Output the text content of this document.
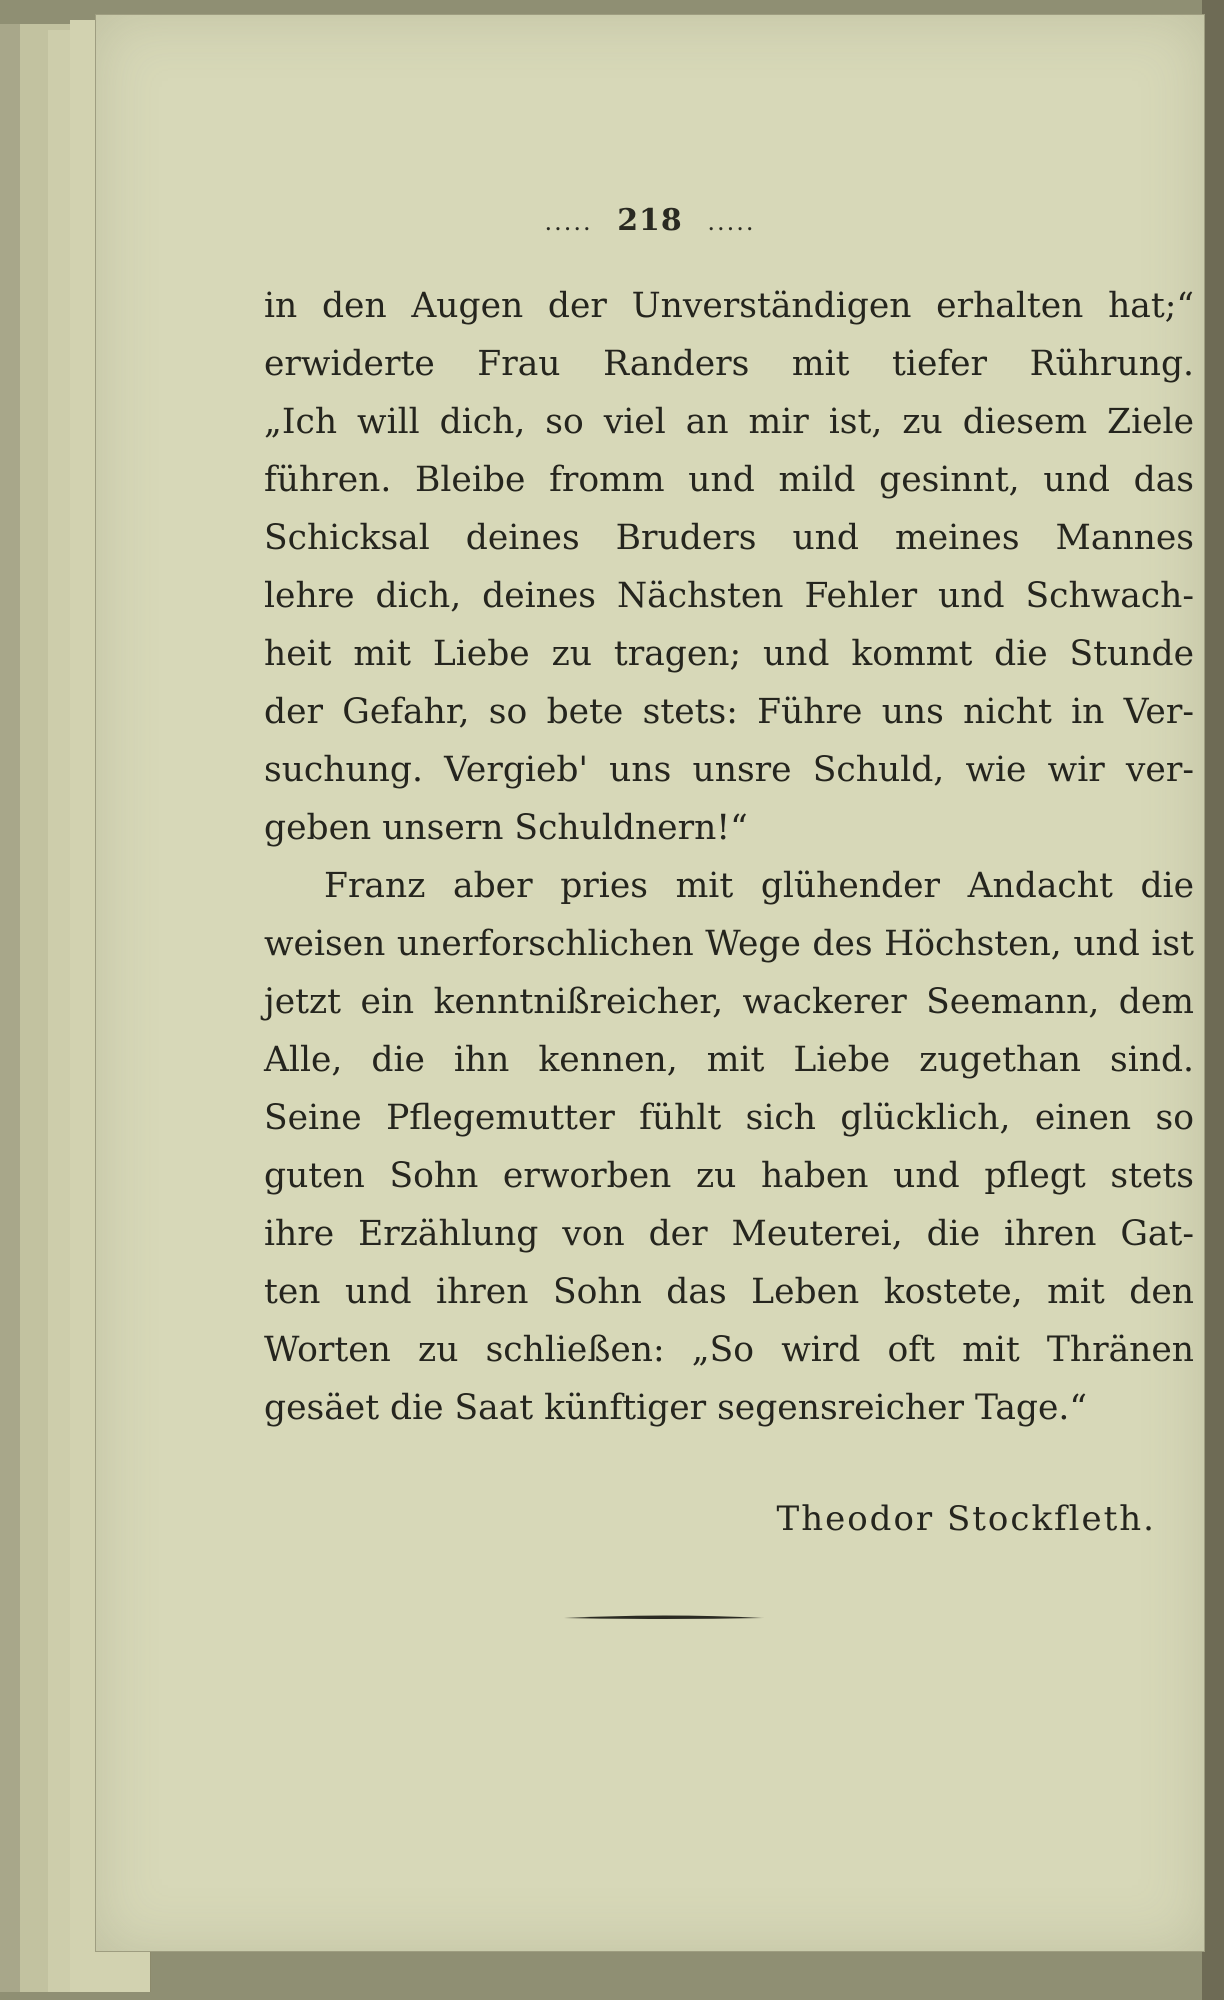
..... 218 .....
in den Augen der Unverständigen erhalten hat;“
erwiderte Frau Randers mit tiefer Rührung.
„Ich will dich, so viel an mir ist, zu diesem Ziele
führen. Bleibe fromm und mild gesinnt, und das
Schicksal deines Bruders und meines Mannes
lehre dich, deines Nächsten Fehler und Schwach-
heit mit Liebe zu tragen; und kommt die Stunde
der Gefahr, so bete stets: Führe uns nicht in Ver-
suchung. Vergieb' uns unsre Schuld, wie wir ver-
geben unsern Schuldnern!“
Franz aber pries mit glühender Andacht die
weisen unerforschlichen Wege des Höchsten, und ist
jetzt ein kenntnißreicher, wackerer Seemann, dem
Alle, die ihn kennen, mit Liebe zugethan sind.
Seine Pflegemutter fühlt sich glücklich, einen so
guten Sohn erworben zu haben und pflegt stets
ihre Erzählung von der Meuterei, die ihren Gat-
ten und ihren Sohn das Leben kostete, mit den
Worten zu schließen: „So wird oft mit Thränen
gesäet die Saat künftiger segensreicher Tage.“
Theodor Stockfleth.
